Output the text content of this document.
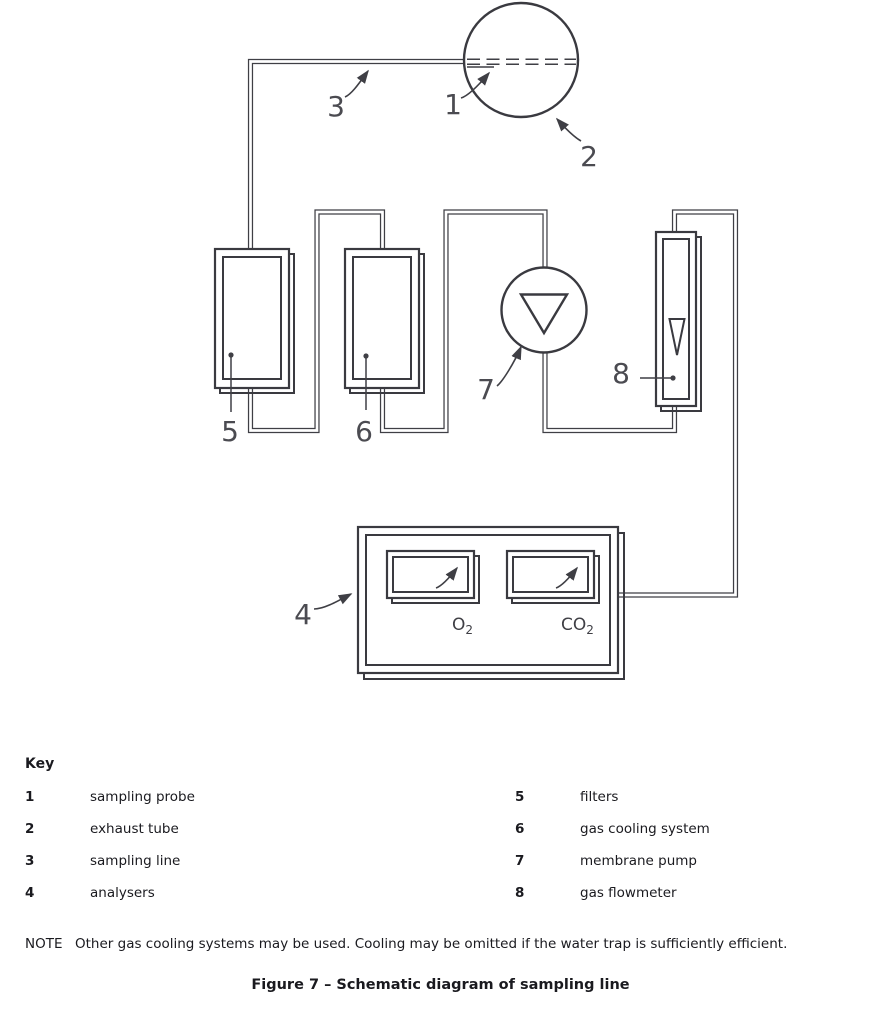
1
2
3
4
5	6
7	8
$O_2$	$CO_2$
Key
1	sampling probe	5	filters
2	exhaust tube	6	gas cooling system
3	sampling line	7	membrane pump
4	analysers	8	gas flowmeter
NOTE Other gas cooling systems may be used. Cooling may be omitted if the water trap is sufficiently efficient.
Figure 7 – Schematic diagram of sampling line
